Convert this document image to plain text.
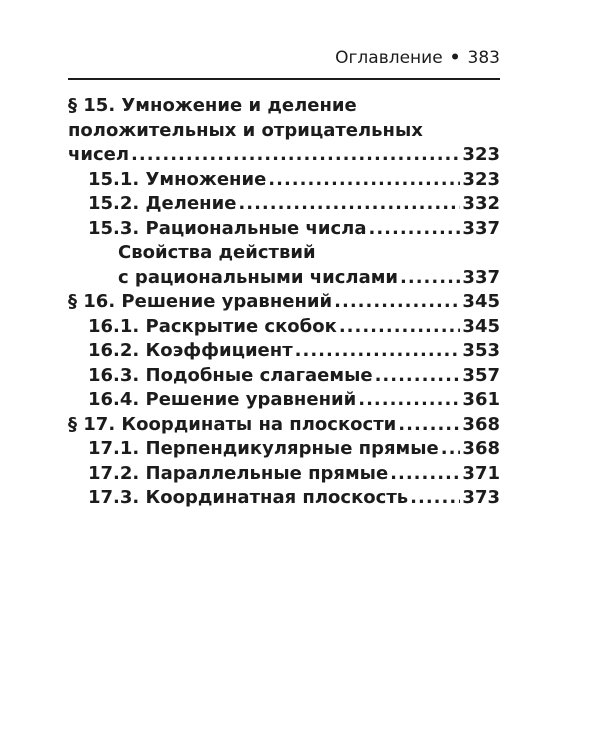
Оглавление • 383
§ 15. Умножение и деление
положительных и отрицательных
чисел .....	323
15.1. Умножение .....	323
15.2. Деление .....	332
15.3. Рациональные числа .....	337
Свойства действий
с рациональными числами .....	337
§ 16. Решение уравнений .....	345
16.1. Раскрытие скобок .....	345
16.2. Коэффициент .....	353
16.3. Подобные слагаемые .....	357
16.4. Решение уравнений .....	361
§ 17. Координаты на плоскости .....	368
17.1. Перпендикулярные прямые ..... 368
17.2. Параллельные прямые .....	371
17.3. Координатная плоскость .....	373
